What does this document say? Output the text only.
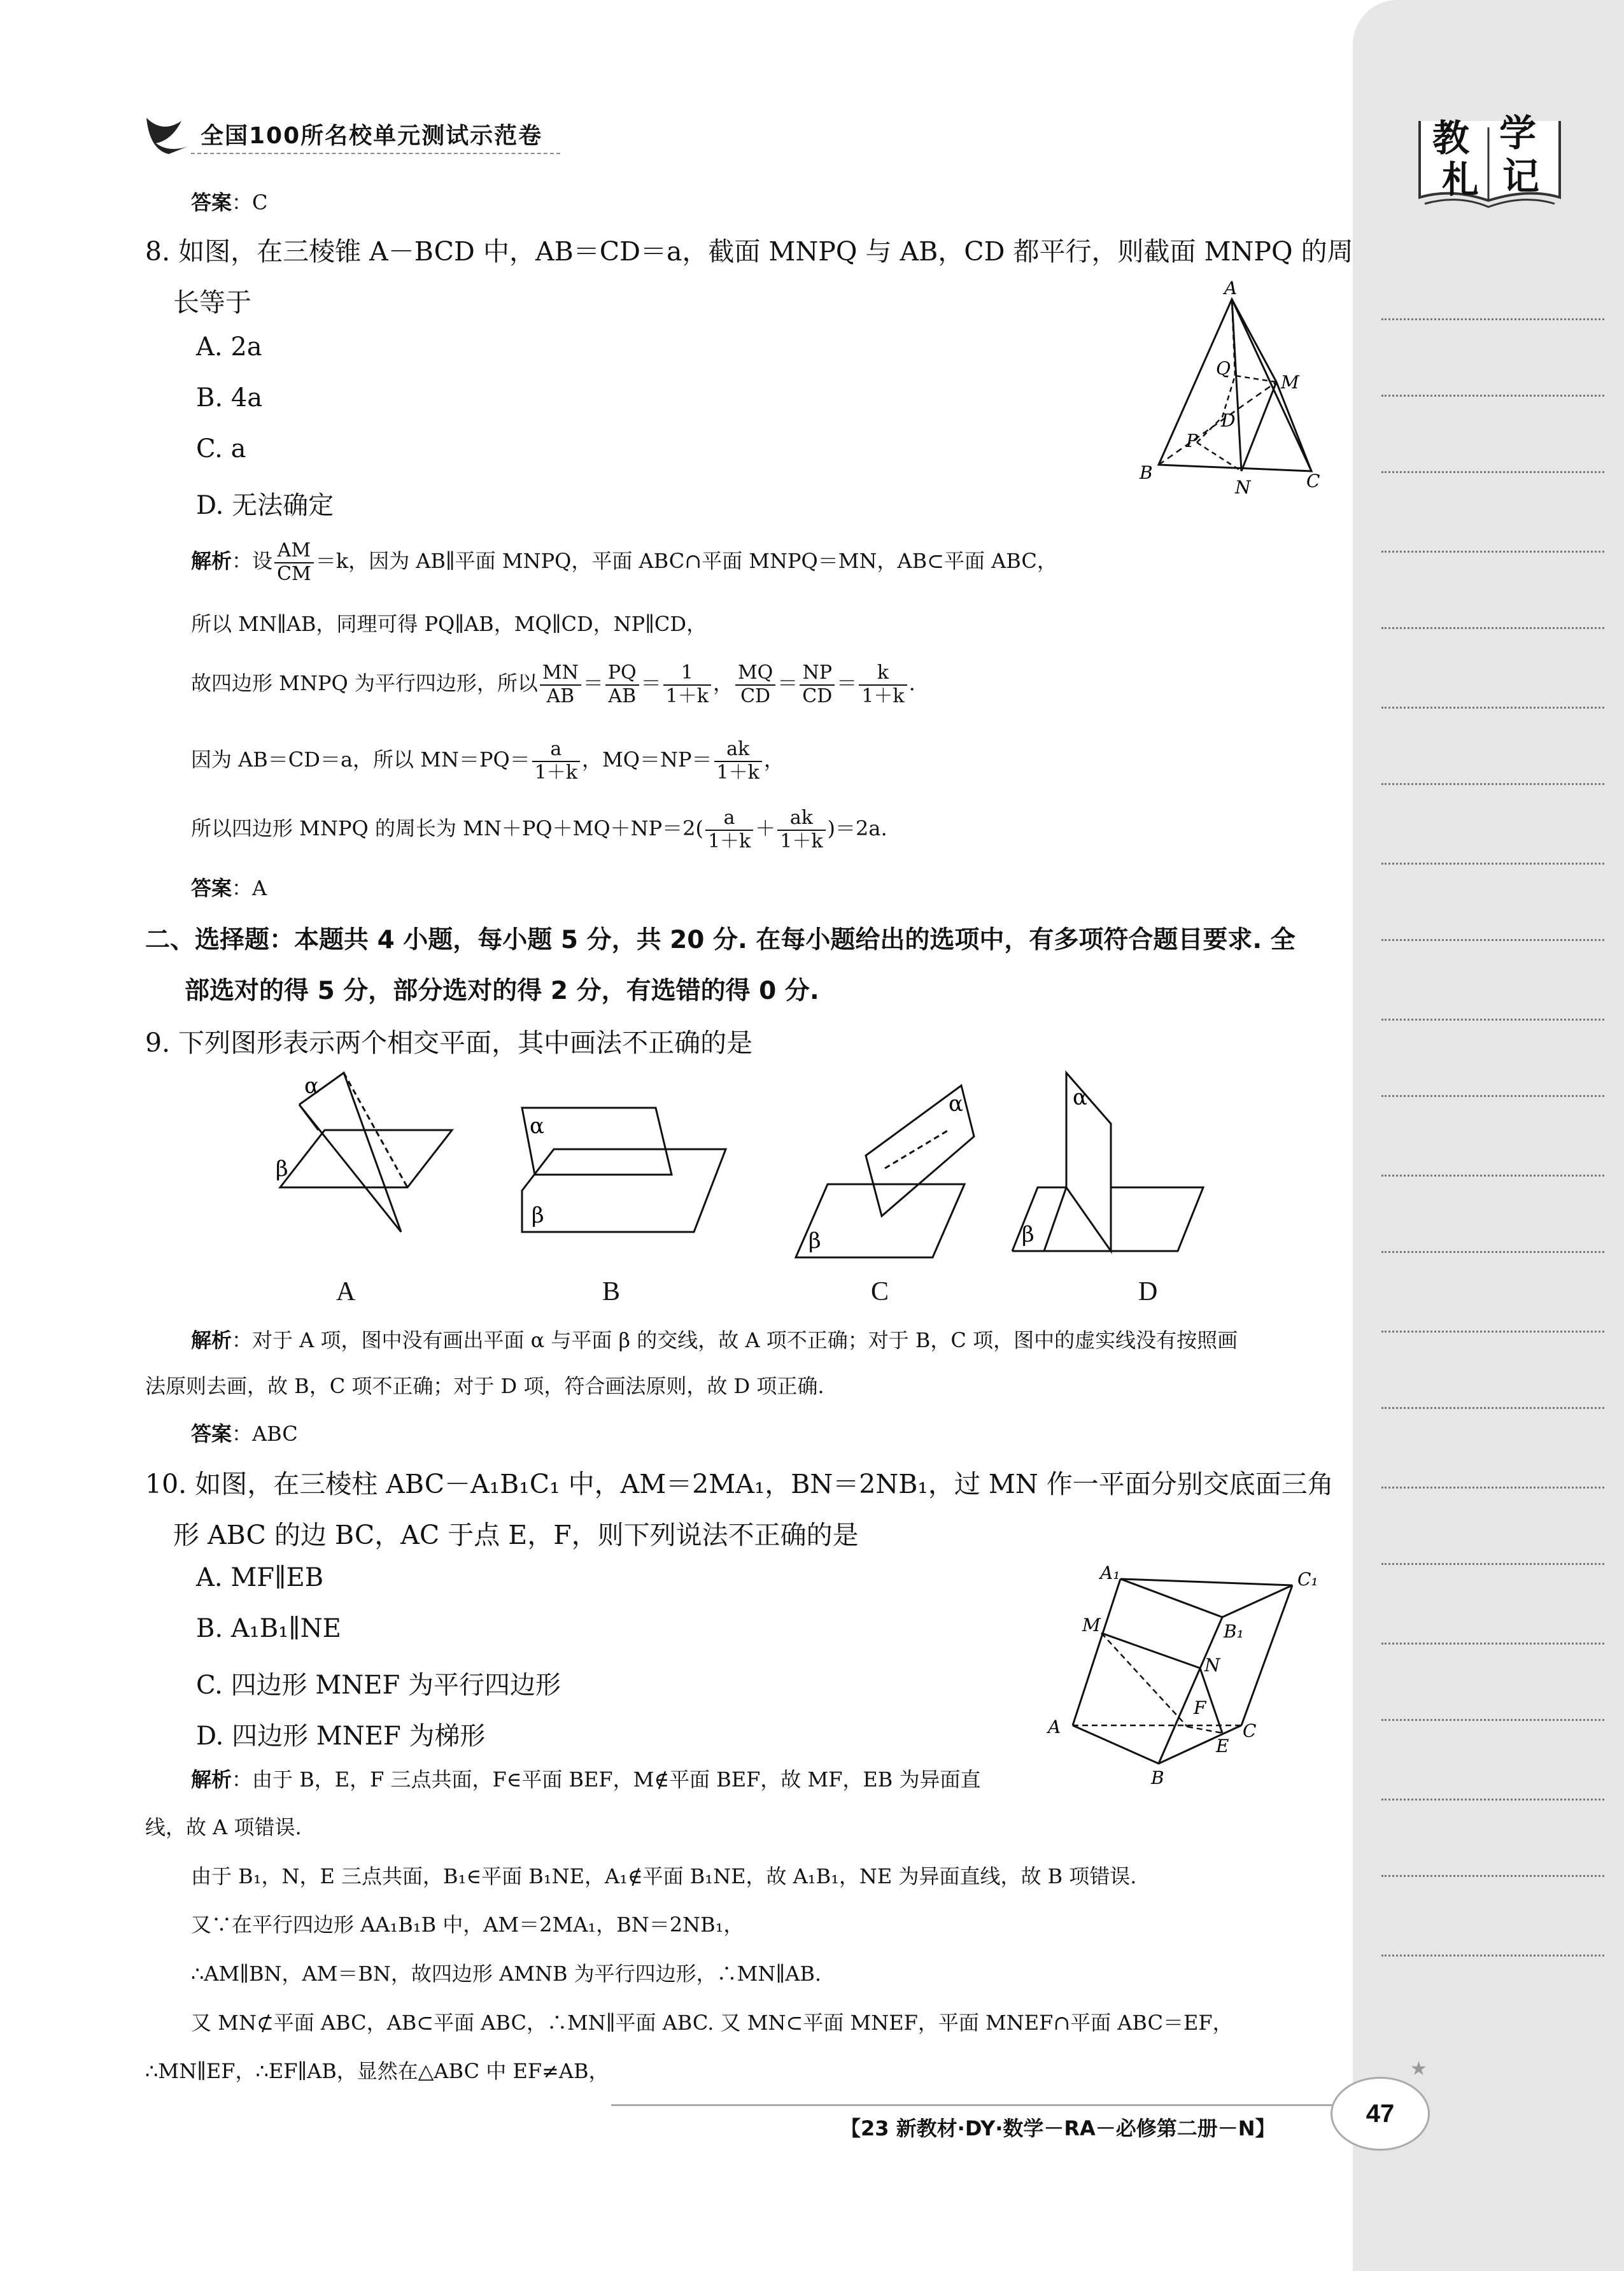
教 学
札 记
全国100所名校单元测试示范卷
答案：C
8. 如图，在三棱锥 A－BCD 中，AB＝CD＝a，截面 MNPQ 与 AB，CD 都平行，则截面 MNPQ 的周
长等于
A. 2a
B. 4a
C. a
D. 无法确定
A
B	C
D
M
N
P
Q
解析：设 $\frac{AM}{CM} =k$，因为 AB∥平面 MNPQ，平面 ABC∩平面 MNPQ＝MN，AB⊂平面 ABC，
所以 MN∥AB，同理可得 PQ∥AB，MQ∥CD，NP∥CD，
故四边形 MNPQ 为平行四边形，所以 $\frac{MN}{AB} = \frac{PQ}{AB} = \frac{1}{1+k}$ ， $\frac{MQ}{CD} = \frac{NP}{CD} = \frac{k}{1+k}$ .
因为 AB＝CD＝a，所以 $MN=PQ= \frac{a}{1+k}$ ，$MQ=NP= \frac{ak}{1+k}$ ，
所以四边形 MNPQ 的周长为 $MN+PQ+MQ+NP=2( \frac{a}{1+k} + \frac{ak}{1+k} )=2a$.
答案：A
二、选择题：本题共 4 小题，每小题 5 分，共 20 分. 在每小题给出的选项中，有多项符合题目要求. 全
部选对的得 5 分，部分选对的得 2 分，有选错的得 0 分.
9. 下列图形表示两个相交平面，其中画法不正确的是
α
β
α
β
α
β
α
β
A	B	C	D
解析：对于 A 项，图中没有画出平面 α 与平面 β 的交线，故 A 项不正确；对于 B，C 项，图中的虚实线没有按照画
法原则去画，故 B，C 项不正确；对于 D 项，符合画法原则，故 D 项正确.
答案：ABC
10. 如图，在三棱柱 ABC－A₁B₁C₁ 中，AM＝2MA₁，BN＝2NB₁，过 MN 作一平面分别交底面三角
形 ABC 的边 BC，AC 于点 E，F，则下列说法不正确的是
A. MF∥EB
B. A₁B₁∥NE
C. 四边形 MNEF 为平行四边形
D. 四边形 MNEF 为梯形
A₁	C₁
B₁
M
N
F
A	C
E
B
解析：由于 B，E，F 三点共面，F∈平面 BEF，M∉平面 BEF，故 MF，EB 为异面直
线，故 A 项错误.
由于 B₁，N，E 三点共面，B₁∈平面 B₁NE，A₁∉平面 B₁NE，故 A₁B₁，NE 为异面直线，故 B 项错误.
又∵在平行四边形 AA₁B₁B 中，AM＝2MA₁，BN＝2NB₁，
∴AM∥BN，AM＝BN，故四边形 AMNB 为平行四边形，∴MN∥AB.
又 MN⊄平面 ABC，AB⊂平面 ABC，∴MN∥平面 ABC. 又 MN⊂平面 MNEF，平面 MNEF∩平面 ABC＝EF，
∴MN∥EF，∴EF∥AB，显然在△ABC 中 EF≠AB，
【23 新教材·DY·数学－RA－必修第二册－N】
47
★
